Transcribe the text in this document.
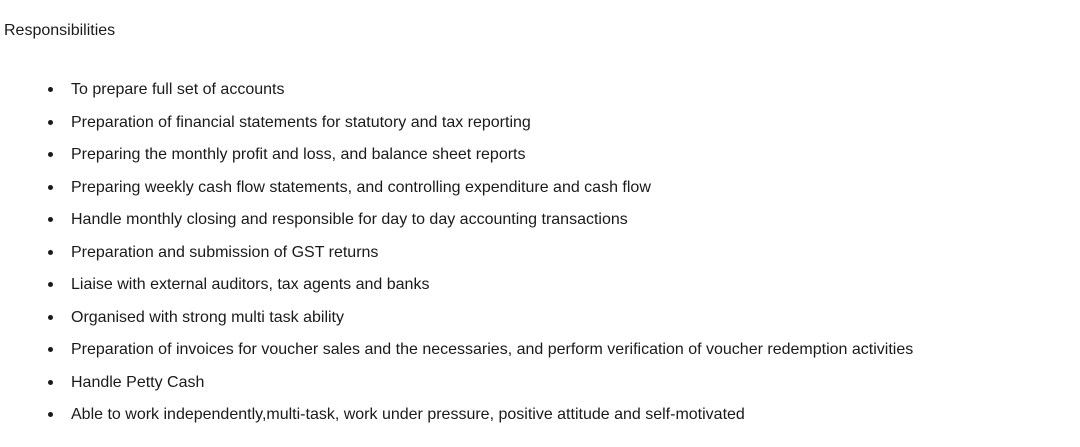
Responsibilities
To prepare full set of accounts
Preparation of financial statements for statutory and tax reporting
Preparing the monthly profit and loss, and balance sheet reports
Preparing weekly cash flow statements, and controlling expenditure and cash flow
Handle monthly closing and responsible for day to day accounting transactions
Preparation and submission of GST returns
Liaise with external auditors, tax agents and banks
Organised with strong multi task ability
Preparation of invoices for voucher sales and the necessaries, and perform verification of voucher redemption activities
Handle Petty Cash
Able to work independently,multi-task, work under pressure, positive attitude and self-motivated
